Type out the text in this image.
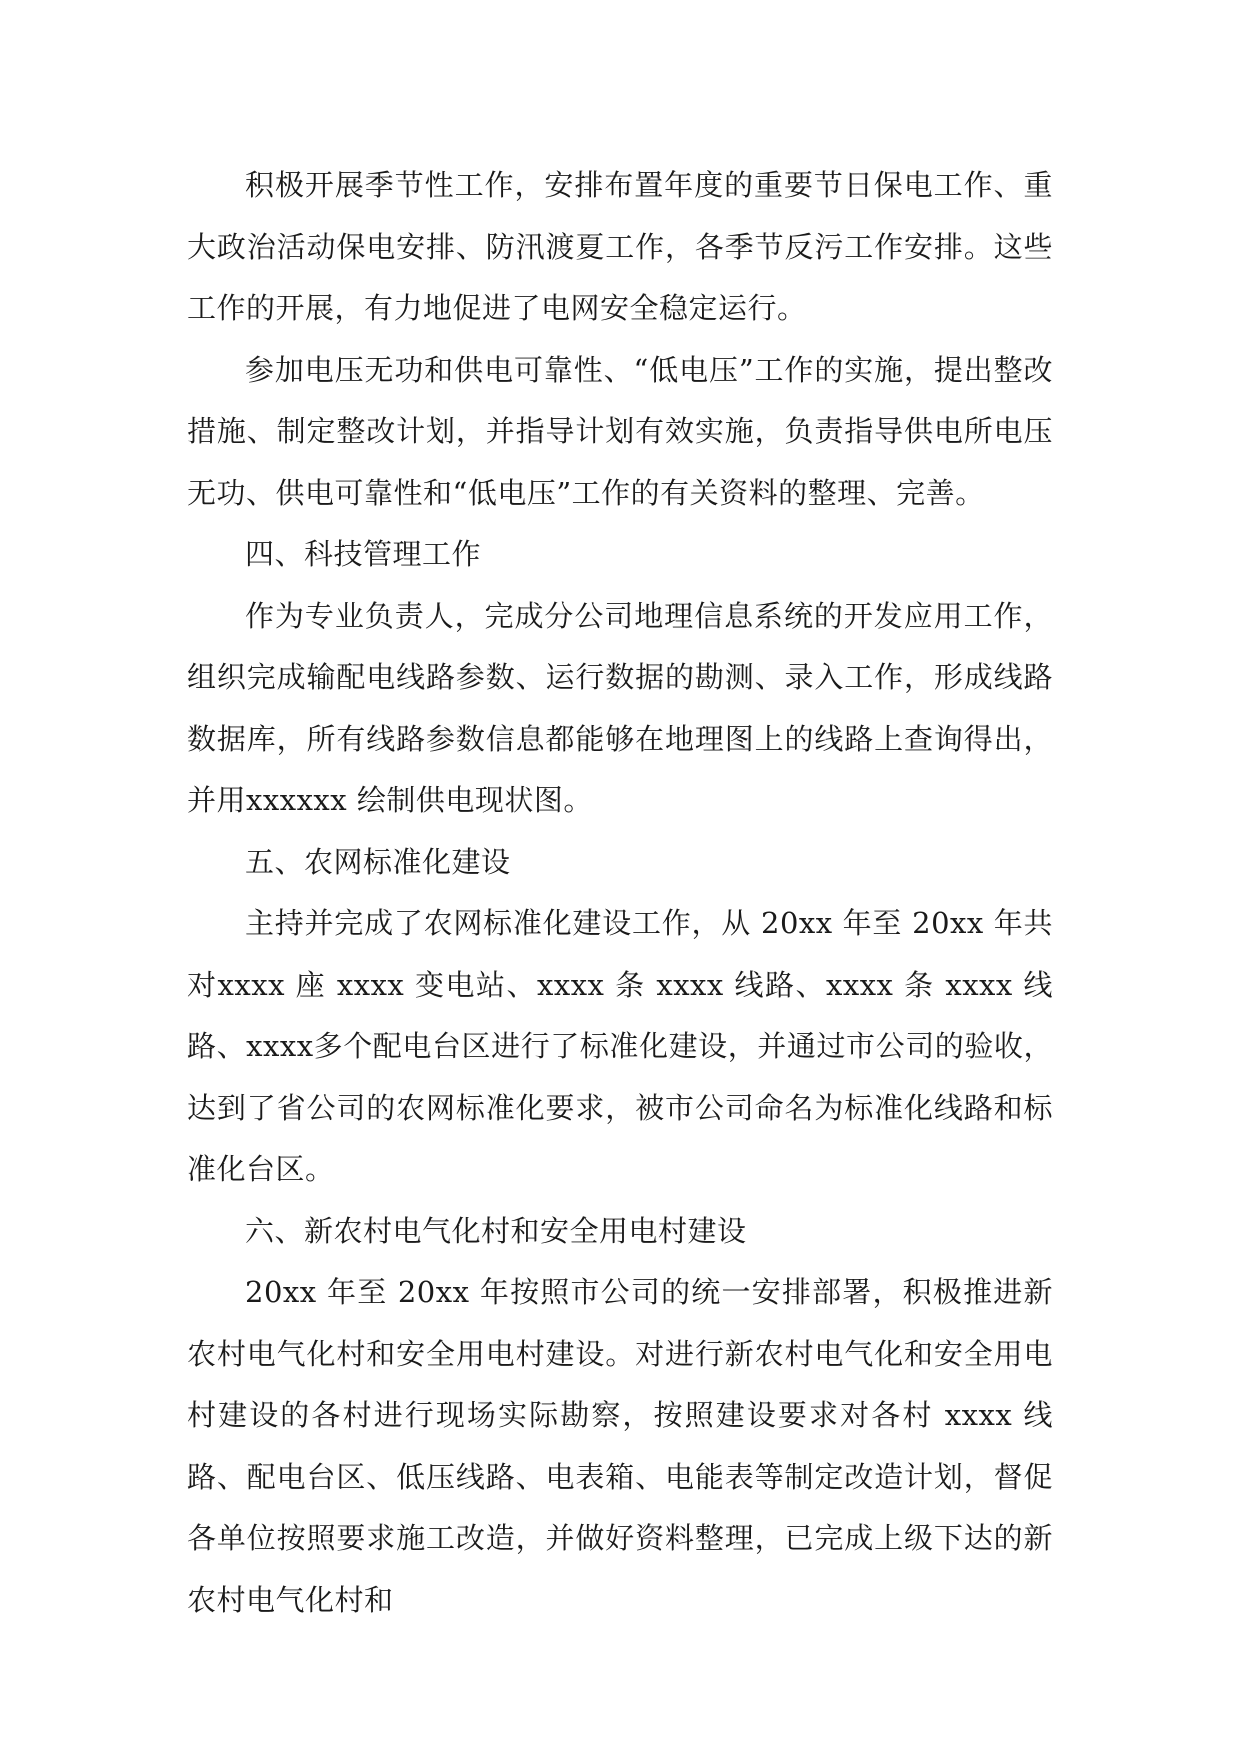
积极开展季节性工作，安排布置年度的重要节日保电工作、重大政治活动保电安排、防汛渡夏工作，各季节反污工作安排。这些工作的开展，有力地促进了电网安全稳定运行。

参加电压无功和供电可靠性、“低电压”工作的实施，提出整改措施、制定整改计划，并指导计划有效实施，负责指导供电所电压无功、供电可靠性和“低电压”工作的有关资料的整理、完善。

四、科技管理工作

作为专业负责人，完成分公司地理信息系统的开发应用工作，组织完成输配电线路参数、运行数据的勘测、录入工作，形成线路数据库，所有线路参数信息都能够在地理图上的线路上查询得出，并用xxxxxx 绘制供电现状图。

五、农网标准化建设

主持并完成了农网标准化建设工作，从 20xx 年至 20xx 年共对xxxx 座 xxxx 变电站、xxxx 条 xxxx 线路、xxxx 条 xxxx 线路、xxxx多个配电台区进行了标准化建设，并通过市公司的验收，达到了省公司的农网标准化要求，被市公司命名为标准化线路和标准化台区。

六、新农村电气化村和安全用电村建设

20xx 年至 20xx 年按照市公司的统一安排部署，积极推进新农村电气化村和安全用电村建设。对进行新农村电气化和安全用电村建设的各村进行现场实际勘察，按照建设要求对各村 xxxx 线路、配电台区、低压线路、电表箱、电能表等制定改造计划，督促各单位按照要求施工改造，并做好资料整理，已完成上级下达的新农村电气化村和
